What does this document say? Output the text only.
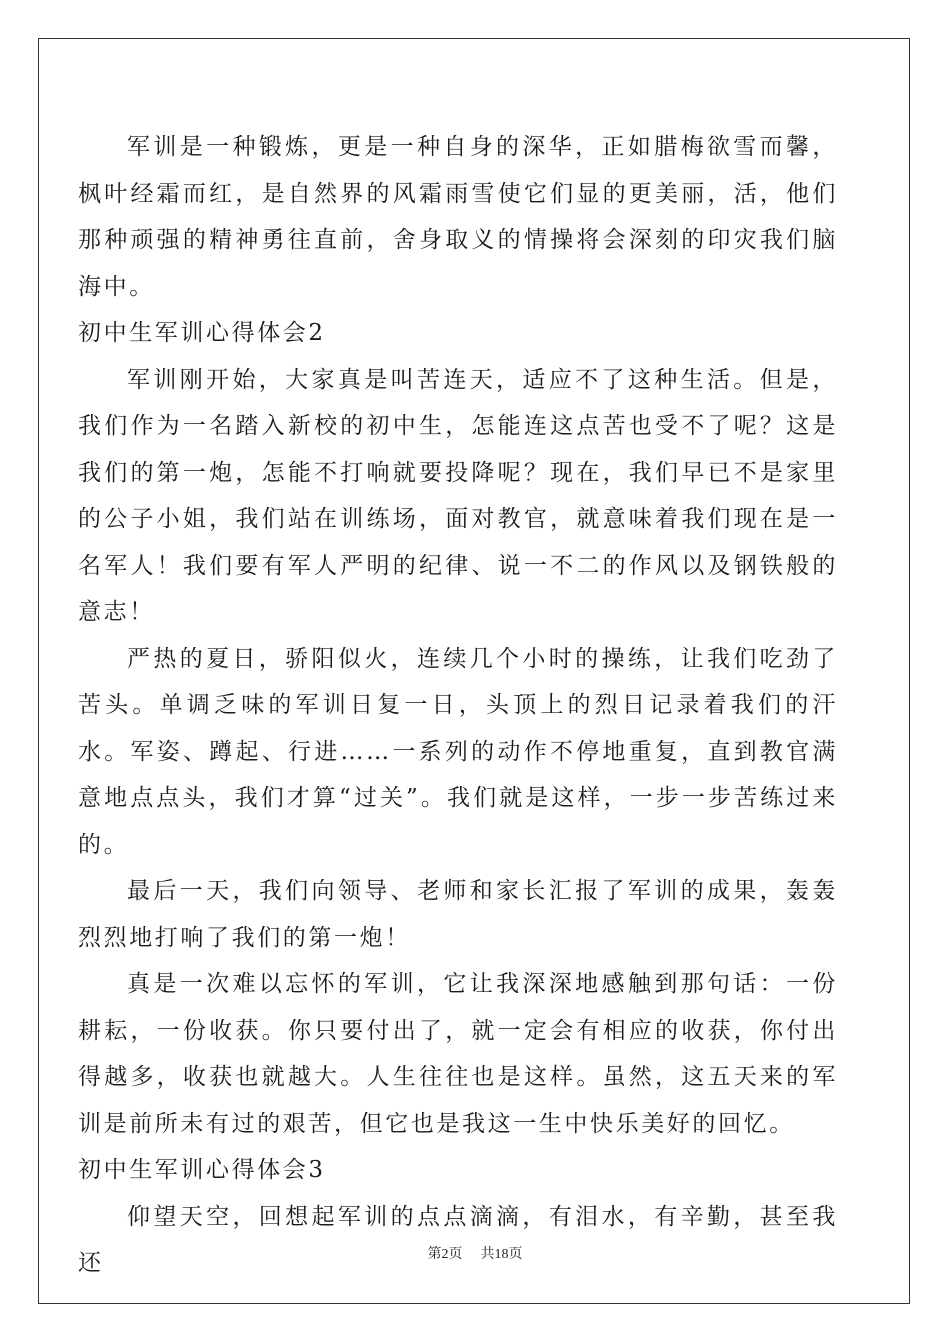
军训是一种锻炼，更是一种自身的深华，正如腊梅欲雪而馨，枫叶经霜而红，是自然界的风霜雨雪使它们显的更美丽，活，他们那种顽强的精神勇往直前，舍身取义的情操将会深刻的印灾我们脑海中。

初中生军训心得体会2

军训刚开始，大家真是叫苦连天，适应不了这种生活。但是，我们作为一名踏入新校的初中生，怎能连这点苦也受不了呢？这是我们的第一炮，怎能不打响就要投降呢？现在，我们早已不是家里的公子小姐，我们站在训练场，面对教官，就意味着我们现在是一名军人！我们要有军人严明的纪律、说一不二的作风以及钢铁般的意志！

严热的夏日，骄阳似火，连续几个小时的操练，让我们吃劲了苦头。单调乏味的军训日复一日，头顶上的烈日记录着我们的汗水。军姿、蹲起、行进……一系列的动作不停地重复，直到教官满意地点点头，我们才算“过关”。我们就是这样，一步一步苦练过来的。

最后一天，我们向领导、老师和家长汇报了军训的成果，轰轰烈烈地打响了我们的第一炮！

真是一次难以忘怀的军训，它让我深深地感触到那句话：一份耕耘，一份收获。你只要付出了，就一定会有相应的收获，你付出得越多，收获也就越大。人生往往也是这样。虽然，这五天来的军训是前所未有过的艰苦，但它也是我这一生中快乐美好的回忆。

初中生军训心得体会3

仰望天空，回想起军训的点点滴滴，有泪水，有辛勤，甚至我还	第2页 共18页
